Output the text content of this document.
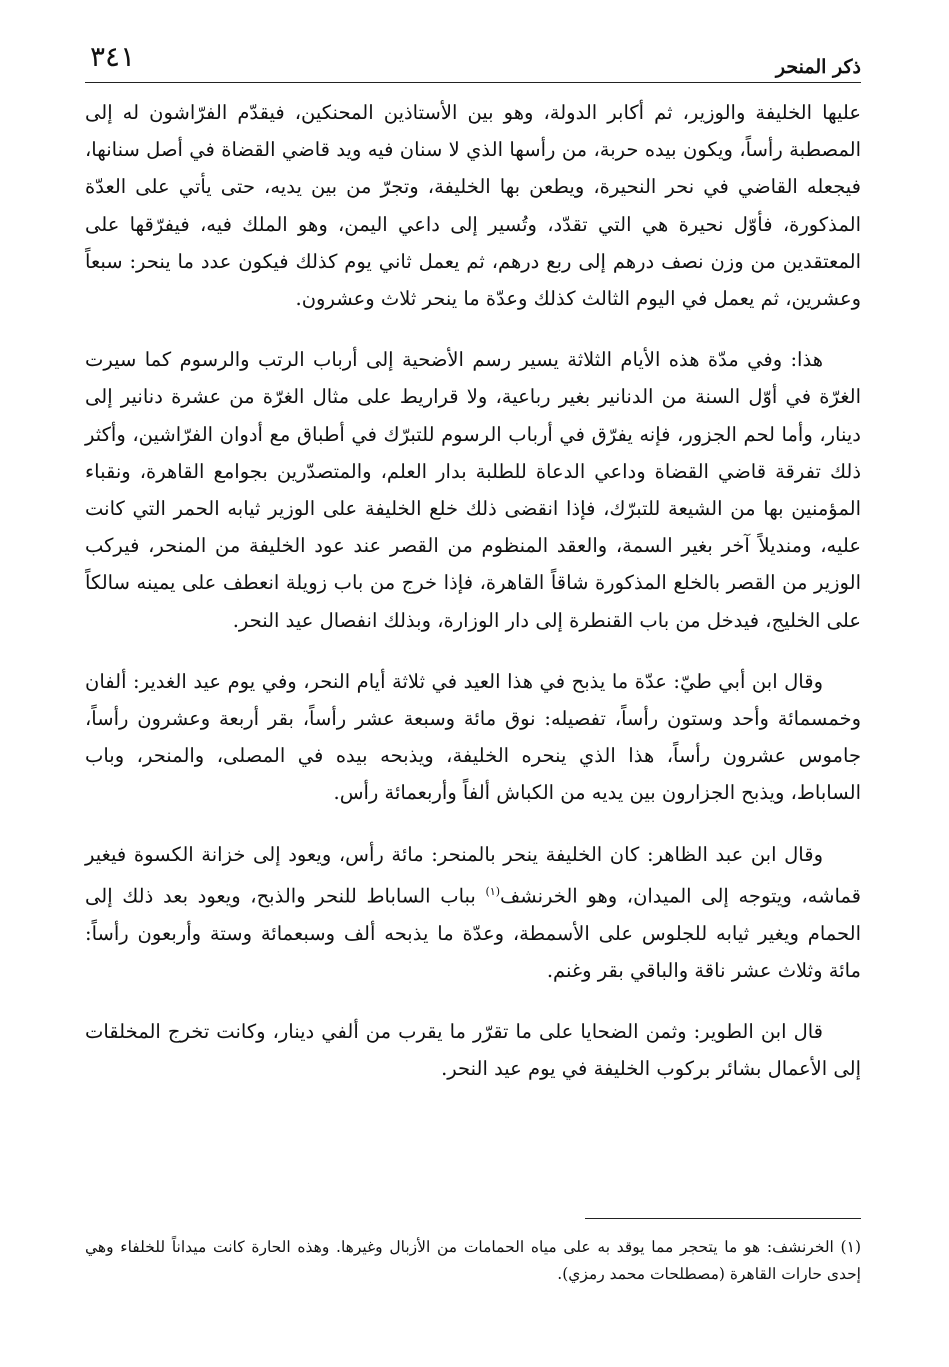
ذكر المنحر
٣٤١

عليها الخليفة والوزير، ثم أكابر الدولة، وهو بين الأستاذين المحنكين، فيقدّم الفرّاشون له إلى المصطبة رأساً، ويكون بيده حربة، من رأسها الذي لا سنان فيه ويد قاضي القضاة في أصل سنانها، فيجعله القاضي في نحر النحيرة، ويطعن بها الخليفة، وتجرّ من بين يديه، حتى يأتي على العدّة المذكورة، فأوّل نحيرة هي التي تقدّد، وتُسير إلى داعي اليمن، وهو الملك فيه، فيفرّقها على المعتقدين من وزن نصف درهم إلى ربع درهم، ثم يعمل ثاني يوم كذلك فيكون عدد ما ينحر: سبعاً وعشرين، ثم يعمل في اليوم الثالث كذلك وعدّة ما ينحر ثلاث وعشرون.

هذا: وفي مدّة هذه الأيام الثلاثة يسير رسم الأضحية إلى أرباب الرتب والرسوم كما سيرت الغرّة في أوّل السنة من الدنانير بغير رباعية، ولا قراريط على مثال الغرّة من عشرة دنانير إلى دينار، وأما لحم الجزور، فإنه يفرّق في أرباب الرسوم للتبرّك في أطباق مع أدوان الفرّاشين، وأكثر ذلك تفرقة قاضي القضاة وداعي الدعاة للطلبة بدار العلم، والمتصدّرين بجوامع القاهرة، ونقباء المؤمنين بها من الشيعة للتبرّك، فإذا انقضى ذلك خلع الخليفة على الوزير ثيابه الحمر التي كانت عليه، ومنديلاً آخر بغير السمة، والعقد المنظوم من القصر عند عود الخليفة من المنحر، فيركب الوزير من القصر بالخلع المذكورة شاقاً القاهرة، فإذا خرج من باب زويلة انعطف على يمينه سالكاً على الخليج، فيدخل من باب القنطرة إلى دار الوزارة، وبذلك انفصال عيد النحر.

وقال ابن أبي طيّ: عدّة ما يذبح في هذا العيد في ثلاثة أيام النحر، وفي يوم عيد الغدير: ألفان وخمسمائة وأحد وستون رأساً، تفصيله: نوق مائة وسبعة عشر رأساً، بقر أربعة وعشرون رأساً، جاموس عشرون رأساً، هذا الذي ينحره الخليفة، ويذبحه بيده في المصلى، والمنحر، وباب الساباط، ويذبح الجزارون بين يديه من الكباش ألفاً وأربعمائة رأس.

وقال ابن عبد الظاهر: كان الخليفة ينحر بالمنحر: مائة رأس، ويعود إلى خزانة الكسوة فيغير قماشه، ويتوجه إلى الميدان، وهو الخرنشف$^{(١)}$ بباب الساباط للنحر والذبح، ويعود بعد ذلك إلى الحمام ويغير ثيابه للجلوس على الأسمطة، وعدّة ما يذبحه ألف وسبعمائة وستة وأربعون رأساً: مائة وثلاث عشر ناقة والباقي بقر وغنم.

قال ابن الطوير: وثمن الضحايا على ما تقرّر ما يقرب من ألفي دينار، وكانت تخرج المخلقات إلى الأعمال بشائر بركوب الخليفة في يوم عيد النحر.

(١) الخرنشف: هو ما يتحجر مما يوقد به على مياه الحمامات من الأزبال وغيرها. وهذه الحارة كانت ميداناً للخلفاء وهي إحدى حارات القاهرة (مصطلحات محمد رمزي).
